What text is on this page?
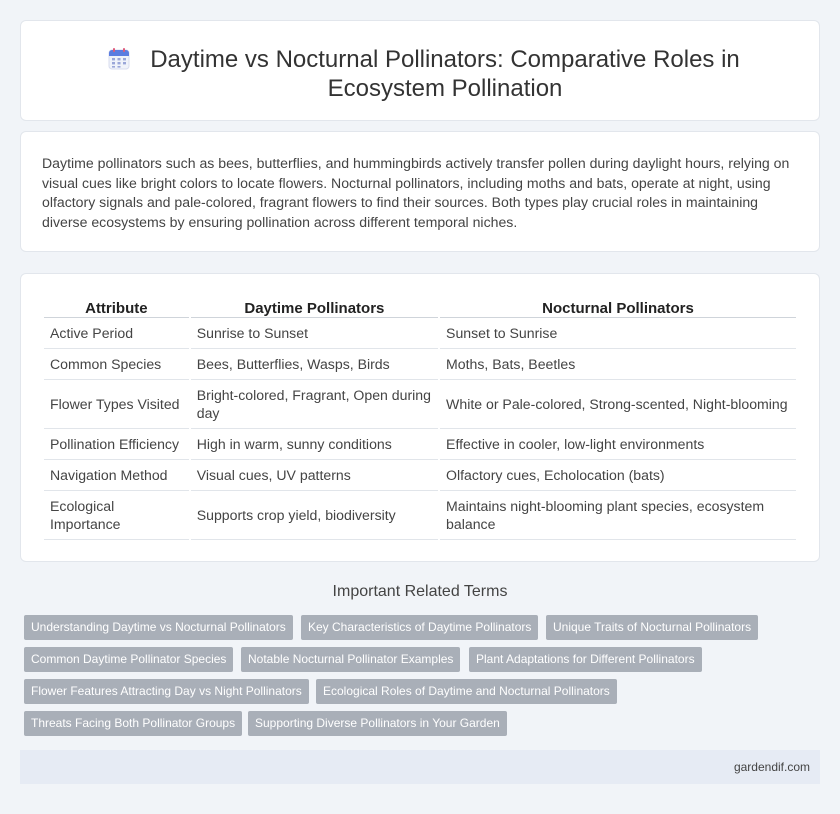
Daytime vs Nocturnal Pollinators: Comparative Roles in Ecosystem Pollination

Daytime pollinators such as bees, butterflies, and hummingbirds actively transfer pollen during daylight hours, relying on visual cues like bright colors to locate flowers. Nocturnal pollinators, including moths and bats, operate at night, using olfactory signals and pale-colored, fragrant flowers to find their sources. Both types play crucial roles in maintaining diverse ecosystems by ensuring pollination across different temporal niches.

Attribute	Daytime Pollinators	Nocturnal Pollinators
Active Period	Sunrise to Sunset	Sunset to Sunrise
Common Species	Bees, Butterflies, Wasps, Birds	Moths, Bats, Beetles
Flower Types Visited	Bright-colored, Fragrant, Open during day	White or Pale-colored, Strong-scented, Night-blooming
Pollination Efficiency	High in warm, sunny conditions	Effective in cooler, low-light environments
Navigation Method	Visual cues, UV patterns	Olfactory cues, Echolocation (bats)
Ecological Importance	Supports crop yield, biodiversity	Maintains night-blooming plant species, ecosystem balance
Important Related Terms
Understanding Daytime vs Nocturnal Pollinators	Key Characteristics of Daytime Pollinators	Unique Traits of Nocturnal Pollinators
Common Daytime Pollinator Species	Notable Nocturnal Pollinator Examples	Plant Adaptations for Different Pollinators
Flower Features Attracting Day vs Night Pollinators	Ecological Roles of Daytime and Nocturnal Pollinators
Threats Facing Both Pollinator Groups	Supporting Diverse Pollinators in Your Garden
gardendif.com
